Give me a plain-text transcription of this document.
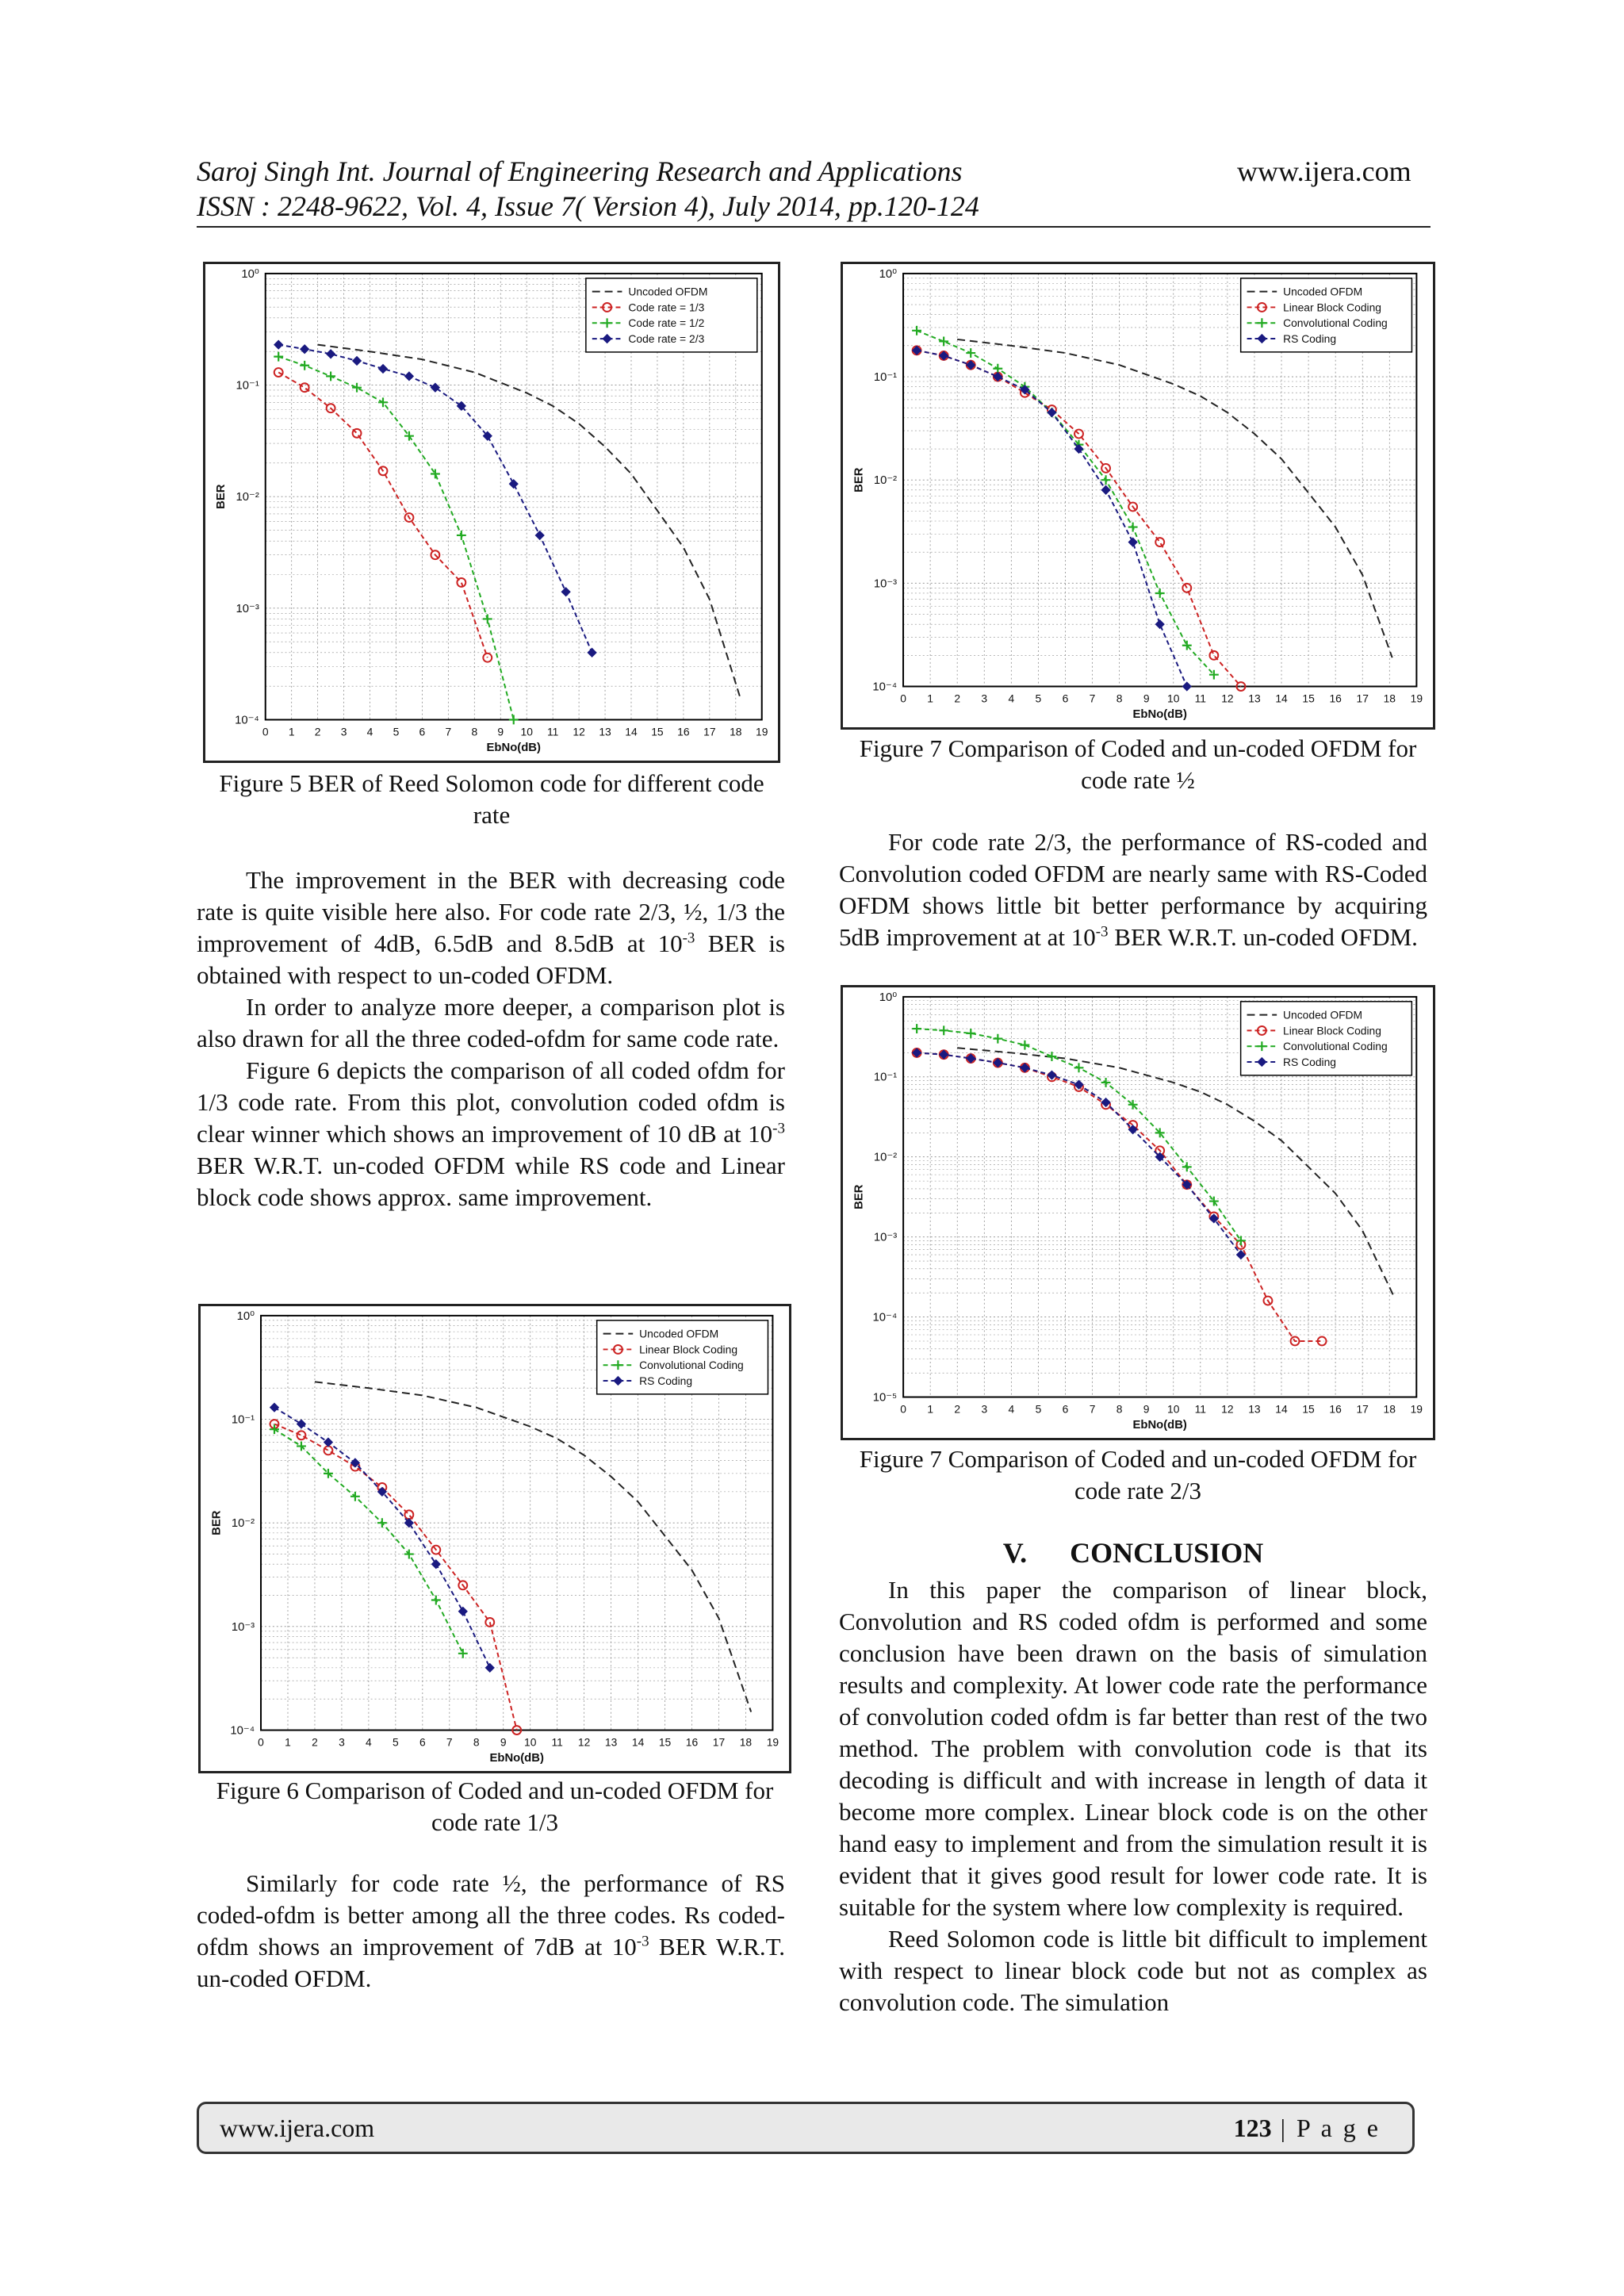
Saroj Singh Int. Journal of Engineering Research and Applications	www.ijera.com
ISSN : 2248-9622, Vol. 4, Issue 7( Version 4), July 2014, pp.120-124
0 1 2 3 4 5 6 7 8 9 10 11 12 13 14 15 16 17 18 19
10⁰
10⁻¹
10⁻²
10⁻³
10⁻⁴
EbNo(dB)
BER
Uncoded OFDM
Code rate = 1/3
Code rate = 1/2
Code rate = 2/3
Figure 5 BER of Reed Solomon code for different code rate

The improvement in the BER with decreasing code rate is quite visible here also. For code rate 2/3, ½, 1/3 the improvement of 4dB, 6.5dB and 8.5dB at $10^{-3}$ BER is obtained with respect to un-coded OFDM.

In order to analyze more deeper, a comparison plot is also drawn for all the three coded-ofdm for same code rate.

Figure 6 depicts the comparison of all coded ofdm for 1/3 code rate. From this plot, convolution coded ofdm is clear winner which shows an improvement of 10 dB at $10^{-3}$ BER W.R.T. un-coded OFDM while RS code and Linear block code shows approx. same improvement.

0 1 2 3 4 5 6 7 8 9 10 11 12 13 14 15 16 17 18 19
10⁰
10⁻¹
10⁻²
10⁻³
10⁻⁴
EbNo(dB)
BER
Uncoded OFDM
Linear Block Coding
Convolutional Coding
RS Coding
Figure 6 Comparison of Coded and un-coded OFDM for code rate 1/3

Similarly for code rate ½, the performance of RS coded-ofdm is better among all the three codes. Rs coded-ofdm shows an improvement of 7dB at $10^{-3}$ BER W.R.T. un-coded OFDM.

0 1 2 3 4 5 6 7 8 9 10 11 12 13 14 15 16 17 18 19
10⁰
10⁻¹
10⁻²
10⁻³
10⁻⁴
EbNo(dB)
BER
Uncoded OFDM
Linear Block Coding
Convolutional Coding
RS Coding
Figure 7 Comparison of Coded and un-coded OFDM for code rate ½

For code rate 2/3, the performance of RS-coded and Convolution coded OFDM are nearly same with RS-Coded OFDM shows little bit better performance by acquiring 5dB improvement at at $10^{-3}$ BER W.R.T. un-coded OFDM.

0 1 2 3 4 5 6 7 8 9 10 11 12 13 14 15 16 17 18 19
10⁰
10⁻¹
10⁻²
10⁻³
10⁻⁴
10⁻⁵
EbNo(dB)
BER
Uncoded OFDM
Linear Block Coding
Convolutional Coding
RS Coding
Figure 7 Comparison of Coded and un-coded OFDM for code rate 2/3
V.      CONCLUSION

In this paper the comparison of linear block, Convolution and RS coded ofdm is performed and some conclusion have been drawn on the basis of simulation results and complexity. At lower code rate the performance of convolution coded ofdm is far better than rest of the two method. The problem with convolution code is that its decoding is difficult and with increase in length of data it become more complex. Linear block code is on the other hand easy to implement and from the simulation result it is evident that it gives good result for lower code rate. It is suitable for the system where low complexity is required.

Reed Solomon code is little bit difficult to implement with respect to linear block code but not as complex as convolution code. The simulation

www.ijera.com	123 | P a g e
